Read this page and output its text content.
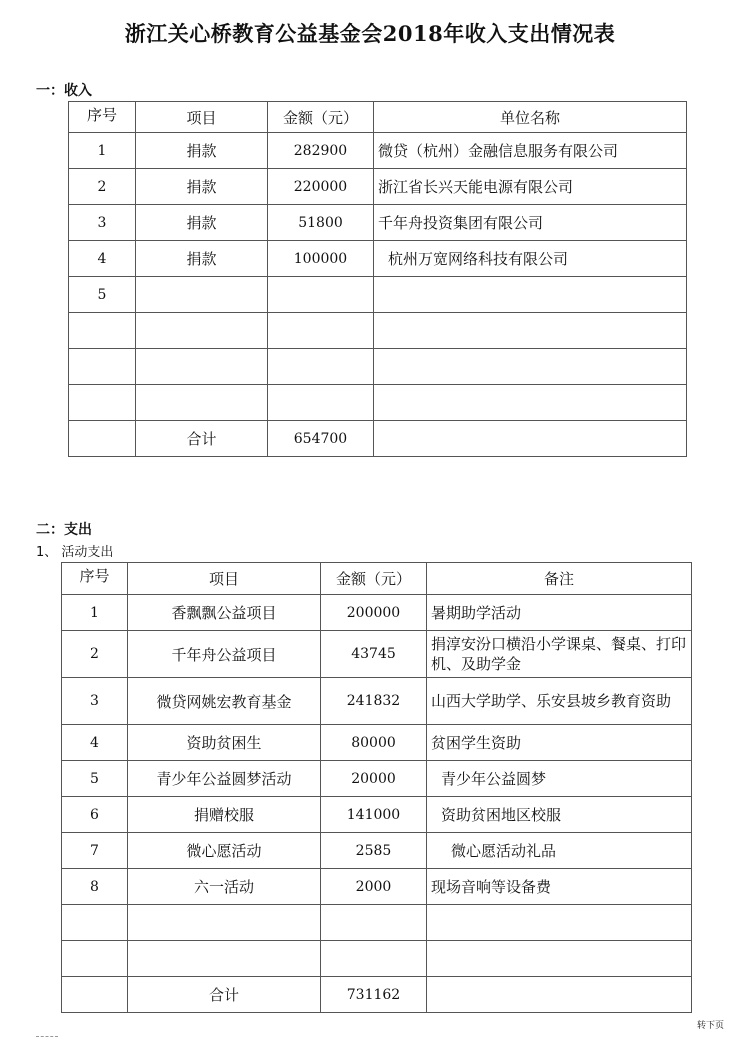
浙江关心桥教育公益基金会2018年收入支出情况表
一：收入
序号	项目	金额（元）	单位名称
1	捐款	282900	微贷（杭州）金融信息服务有限公司
2	捐款	220000	浙江省长兴天能电源有限公司
3	捐款	51800	千年舟投资集团有限公司
4	捐款	100000	杭州万宽网络科技有限公司
5			

	合计	654700	
二：支出
1、 活动支出
序号	项目	金额（元）	备注
1	香飘飘公益项目	200000	暑期助学活动
2	千年舟公益项目	43745	捐淳安汾口横沿小学课桌、餐桌、打印机、及助学金
3	微贷网姚宏教育基金	241832	山西大学助学、乐安县坡乡教育资助
4	资助贫困生	80000	贫困学生资助
5	青少年公益圆梦活动	20000	青少年公益圆梦
6	捐赠校服	141000	资助贫困地区校服
7	微心愿活动	2585	微心愿活动礼品
8	六一活动	2000	现场音响等设备费

	合计	731162	
转下页
